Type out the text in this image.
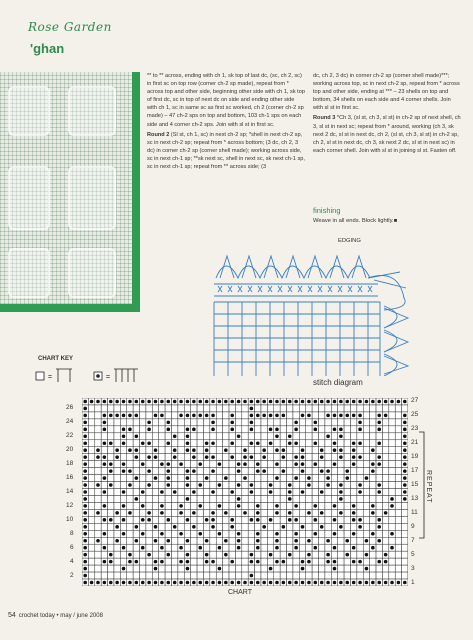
Rose Garden
'ghan

** to ** across, ending with ch 1, sk top of last dc, (sc, ch 2, sc) in first sc on top row (corner ch-2 sp made), repeat from * across top and other side, beginning other side with ch 1, sk top of first dc, sc in top of next dc on side and ending other side with ch 1, sc in same sc as first sc worked, ch 2 (corner ch-2 sp made) – 47 ch-2 sps on top and bottom, 103 ch-1 sps on each side and 4 corner ch-2 sps. Join with sl st in first sc.

Round 2 (Sl st, ch 1, sc) in next ch-2 sp; *shell in next ch-2 sp, sc in next ch-2 sp; repeat from * across bottom; (3 dc, ch 2, 3 dc) in corner ch-2 sp (corner shell made); working across side, sc in next ch-1 sp; **sk next sc, shell in next sc, sk next ch-1 sp, sc in next ch-1 sp; repeat from ** across side; (3

dc, ch 2, 3 dc) in corner ch-2 sp (corner shell made)***; working across top, sc in next ch-2 sp, repeat from * across top and other side, ending at *** – 23 shells on top and bottom, 34 shells on each side and 4 corner shells. Join with sl st in first sc.

Round 3 *Ch 3, (sl st, ch 3, sl st) in ch-2 sp of next shell, ch 3, sl st in next sc; repeat from * around, working (ch 3, sk next 2 dc, sl st in next dc, ch 2, (sl st, ch 3, sl st) in ch-2 sp, ch 2, sl st in next dc, ch 3, sk next 2 dc, sl st in next sc) in each corner shell. Join with sl st in joining sl st. Fasten off.

finishing
Weave in all ends. Block lightly.■
EDGING
stitch diagram
CHART KEY
=	=
26
24
22
20
18
16
14
12
10
8
6
4
2
27
25
23
21
19
17
15
13
11
9
7
5
3
1
CHART
REPEAT
54 crochet today • may / june 2008
